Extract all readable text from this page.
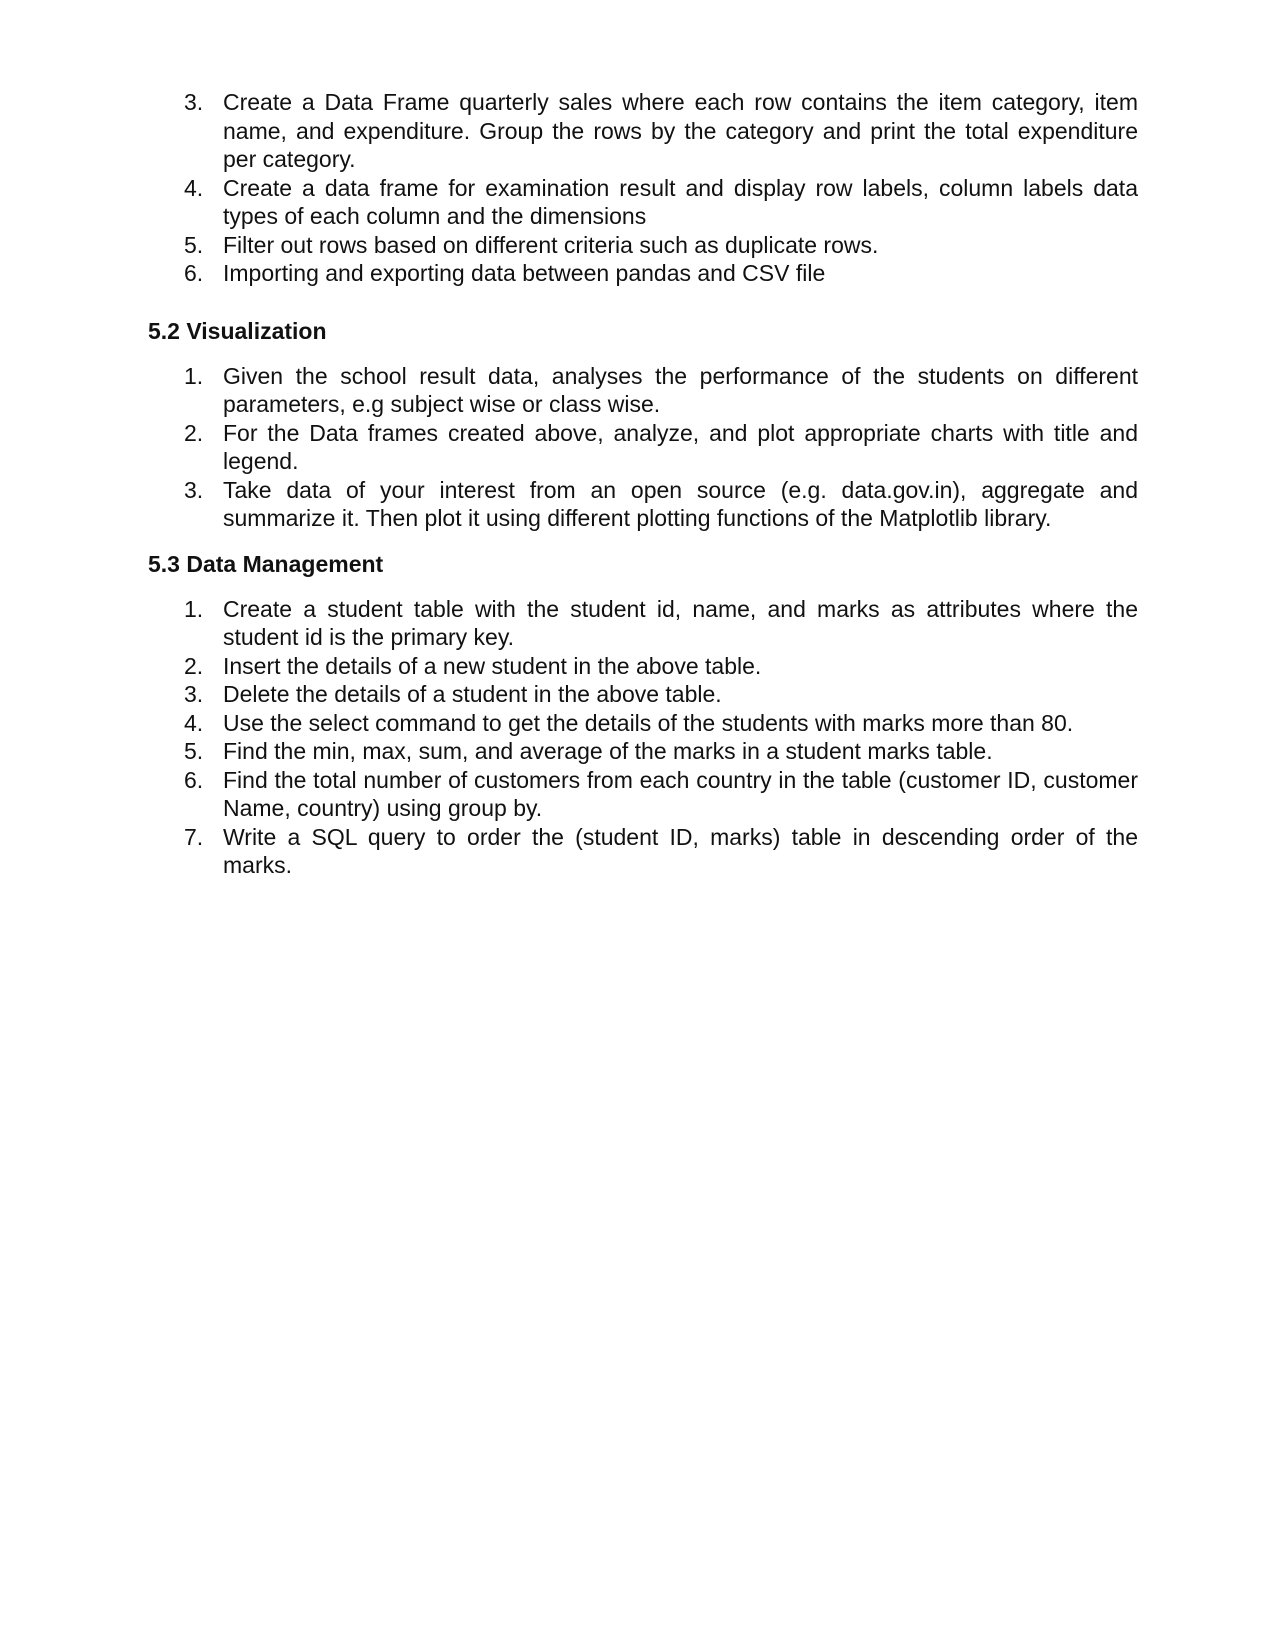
3. Create a Data Frame quarterly sales where each row contains the item category, item name, and expenditure. Group the rows by the category and print the total expenditure per category.
4. Create a data frame for examination result and display row labels, column labels data types of each column and the dimensions
5. Filter out rows based on different criteria such as duplicate rows.
6. Importing and exporting data between pandas and CSV file
5.2 Visualization
1. Given the school result data, analyses the performance of the students on different parameters, e.g subject wise or class wise.
2. For the Data frames created above, analyze, and plot appropriate charts with title and legend.
3. Take data of your interest from an open source (e.g. data.gov.in), aggregate and summarize it. Then plot it using different plotting functions of the Matplotlib library.
5.3 Data Management
1. Create a student table with the student id, name, and marks as attributes where the student id is the primary key.
2. Insert the details of a new student in the above table.
3. Delete the details of a student in the above table.
4. Use the select command to get the details of the students with marks more than 80.
5. Find the min, max, sum, and average of the marks in a student marks table.
6. Find the total number of customers from each country in the table (customer ID, customer Name, country) using group by.
7. Write a SQL query to order the (student ID, marks) table in descending order of the marks.
